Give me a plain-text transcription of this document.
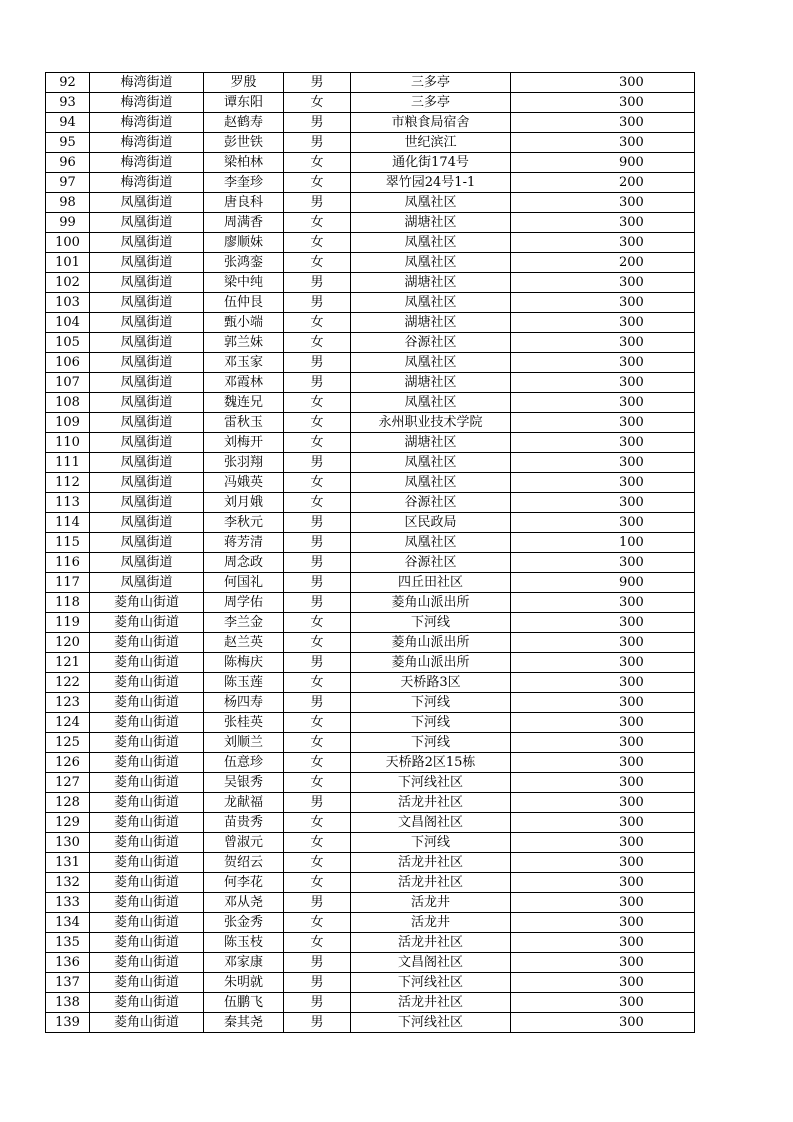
92	梅湾街道	罗殷	男	三多亭	300
93	梅湾街道	谭东阳	女	三多亭	300
94	梅湾街道	赵鹤寿	男	市粮食局宿舍	300
95	梅湾街道	彭世铁	男	世纪滨江	300
96	梅湾街道	梁柏林	女	通化街174号	900
97	梅湾街道	李奎珍	女	翠竹园24号1-1	200
98	凤凰街道	唐良科	男	凤凰社区	300
99	凤凰街道	周满香	女	湖塘社区	300
100	凤凰街道	廖顺妹	女	凤凰社区	300
101	凤凰街道	张鸿銮	女	凤凰社区	200
102	凤凰街道	梁中纯	男	湖塘社区	300
103	凤凰街道	伍仲艮	男	凤凰社区	300
104	凤凰街道	甄小端	女	湖塘社区	300
105	凤凰街道	郭兰妹	女	谷源社区	300
106	凤凰街道	邓玉家	男	凤凰社区	300
107	凤凰街道	邓霞林	男	湖塘社区	300
108	凤凰街道	魏连兄	女	凤凰社区	300
109	凤凰街道	雷秋玉	女	永州职业技术学院	300
110	凤凰街道	刘梅开	女	湖塘社区	300
111	凤凰街道	张羽翔	男	凤凰社区	300
112	凤凰街道	冯娥英	女	凤凰社区	300
113	凤凰街道	刘月娥	女	谷源社区	300
114	凤凰街道	李秋元	男	区民政局	300
115	凤凰街道	蒋芳清	男	凤凰社区	100
116	凤凰街道	周念政	男	谷源社区	300
117	凤凰街道	何国礼	男	四丘田社区	900
118	菱角山街道	周学佑	男	菱角山派出所	300
119	菱角山街道	李兰金	女	下河线	300
120	菱角山街道	赵兰英	女	菱角山派出所	300
121	菱角山街道	陈梅庆	男	菱角山派出所	300
122	菱角山街道	陈玉莲	女	天桥路3区	300
123	菱角山街道	杨四寿	男	下河线	300
124	菱角山街道	张桂英	女	下河线	300
125	菱角山街道	刘顺兰	女	下河线	300
126	菱角山街道	伍意珍	女	天桥路2区15栋	300
127	菱角山街道	吴银秀	女	下河线社区	300
128	菱角山街道	龙献福	男	活龙井社区	300
129	菱角山街道	苗贵秀	女	文昌阁社区	300
130	菱角山街道	曾淑元	女	下河线	300
131	菱角山街道	贺绍云	女	活龙井社区	300
132	菱角山街道	何李花	女	活龙井社区	300
133	菱角山街道	邓从尧	男	活龙井	300
134	菱角山街道	张金秀	女	活龙井	300
135	菱角山街道	陈玉枝	女	活龙井社区	300
136	菱角山街道	邓家康	男	文昌阁社区	300
137	菱角山街道	朱明就	男	下河线社区	300
138	菱角山街道	伍鹏飞	男	活龙井社区	300
139	菱角山街道	秦其尧	男	下河线社区	300
